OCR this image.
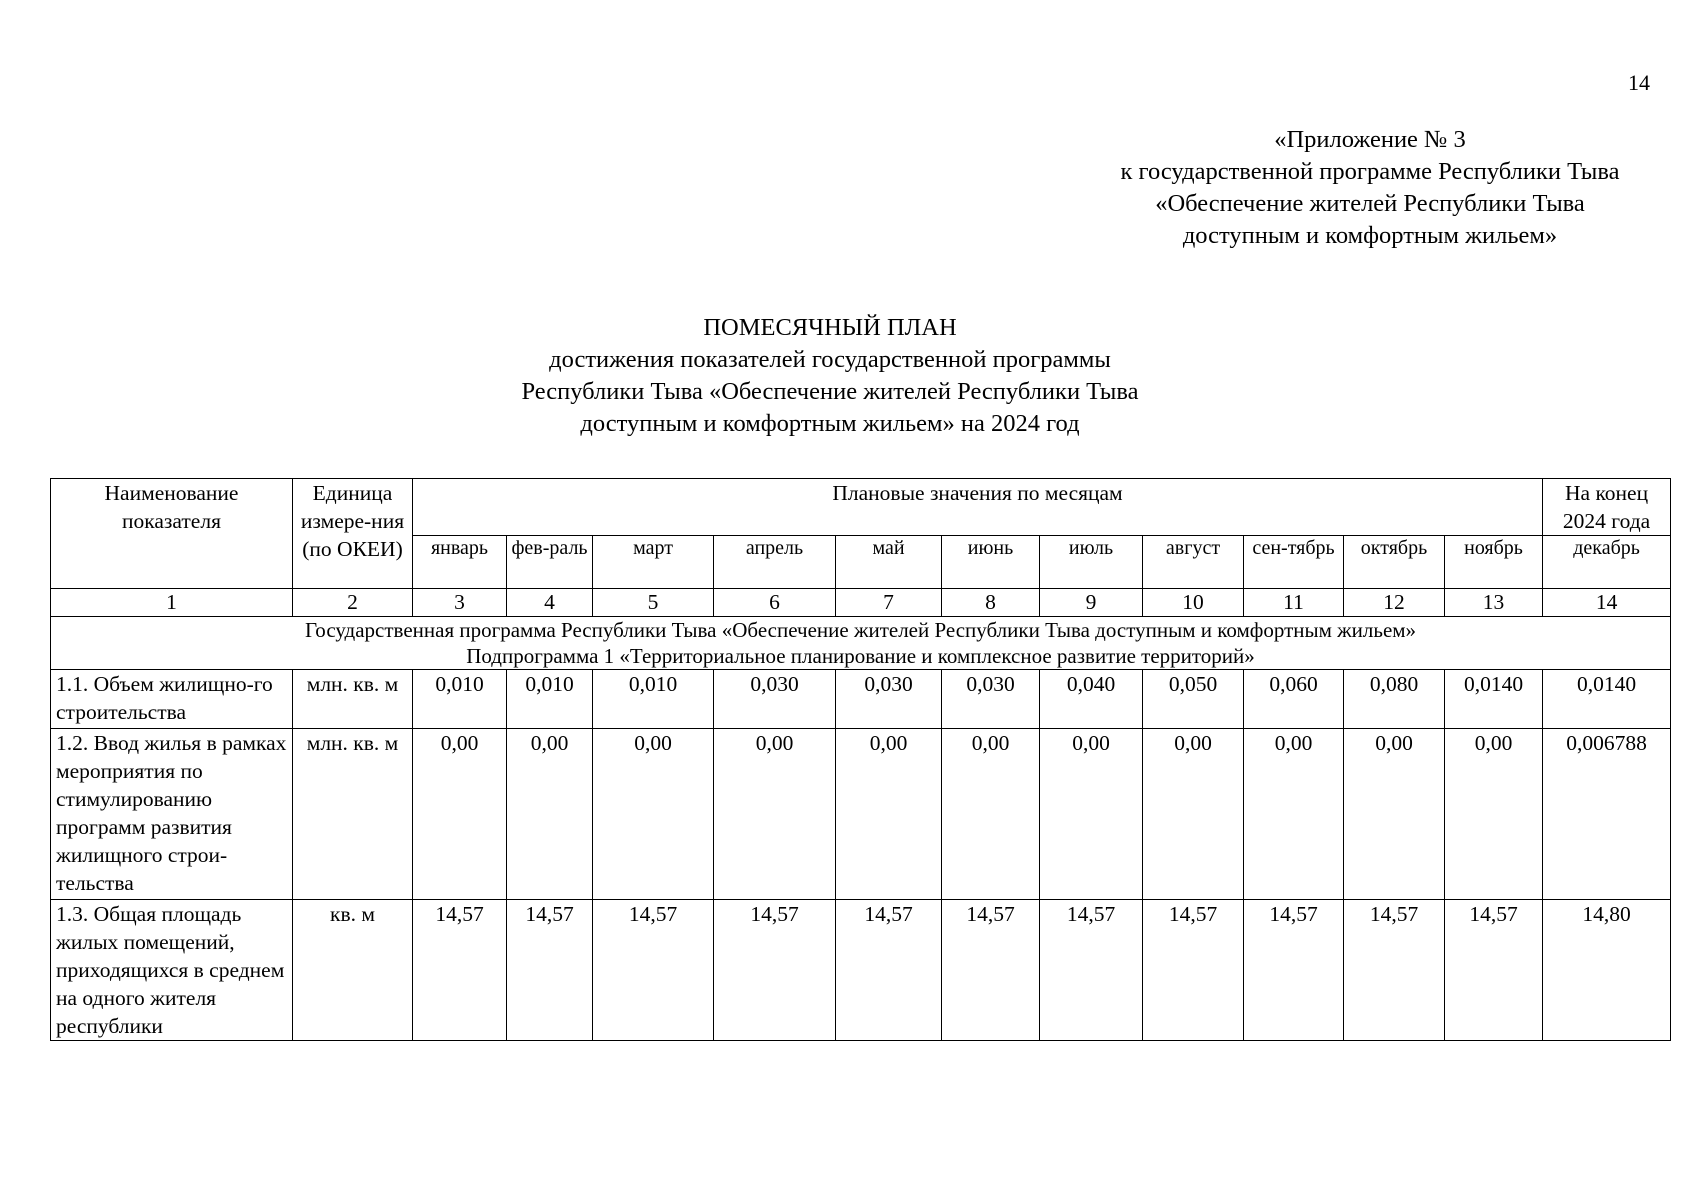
14
«Приложение № 3
к государственной программе Республики Тыва
«Обеспечение жителей Республики Тыва
доступным и комфортным жильем»
ПОМЕСЯЧНЫЙ ПЛАН
достижения показателей государственной программы
Республики Тыва «Обеспечение жителей Республики Тыва
доступным и комфортным жильем» на 2024 год
Наименование показателя	Единица измере-ния (по ОКЕИ)	Плановые значения по месяцам											На конец 2024 года
		январь	фев-раль	март	апрель	май	июнь	июль	август	сен-тябрь	октябрь	ноябрь	декабрь
1	2	3	4	5	6	7	8	9	10	11	12	13	14

Государственная программа Республики Тыва «Обеспечение жителей Республики Тыва доступным и комфортным жильем»
Подпрограмма 1 «Территориальное планирование и комплексное развитие территорий»													

1.1. Объем жилищно-го строительства	млн. кв. м	0,010	0,010	0,010	0,030	0,030	0,030	0,040	0,050	0,060	0,080	0,0140	0,0140
1.2. Ввод жилья в рамках мероприятия по стимулированию программ развития жилищного строи-тельства	млн. кв. м	0,00	0,00	0,00	0,00	0,00	0,00	0,00	0,00	0,00	0,00	0,00	0,006788
1.3. Общая площадь жилых помещений, приходящихся в среднем на одного жителя республики	кв. м	14,57	14,57	14,57	14,57	14,57	14,57	14,57	14,57	14,57	14,57	14,57	14,80
